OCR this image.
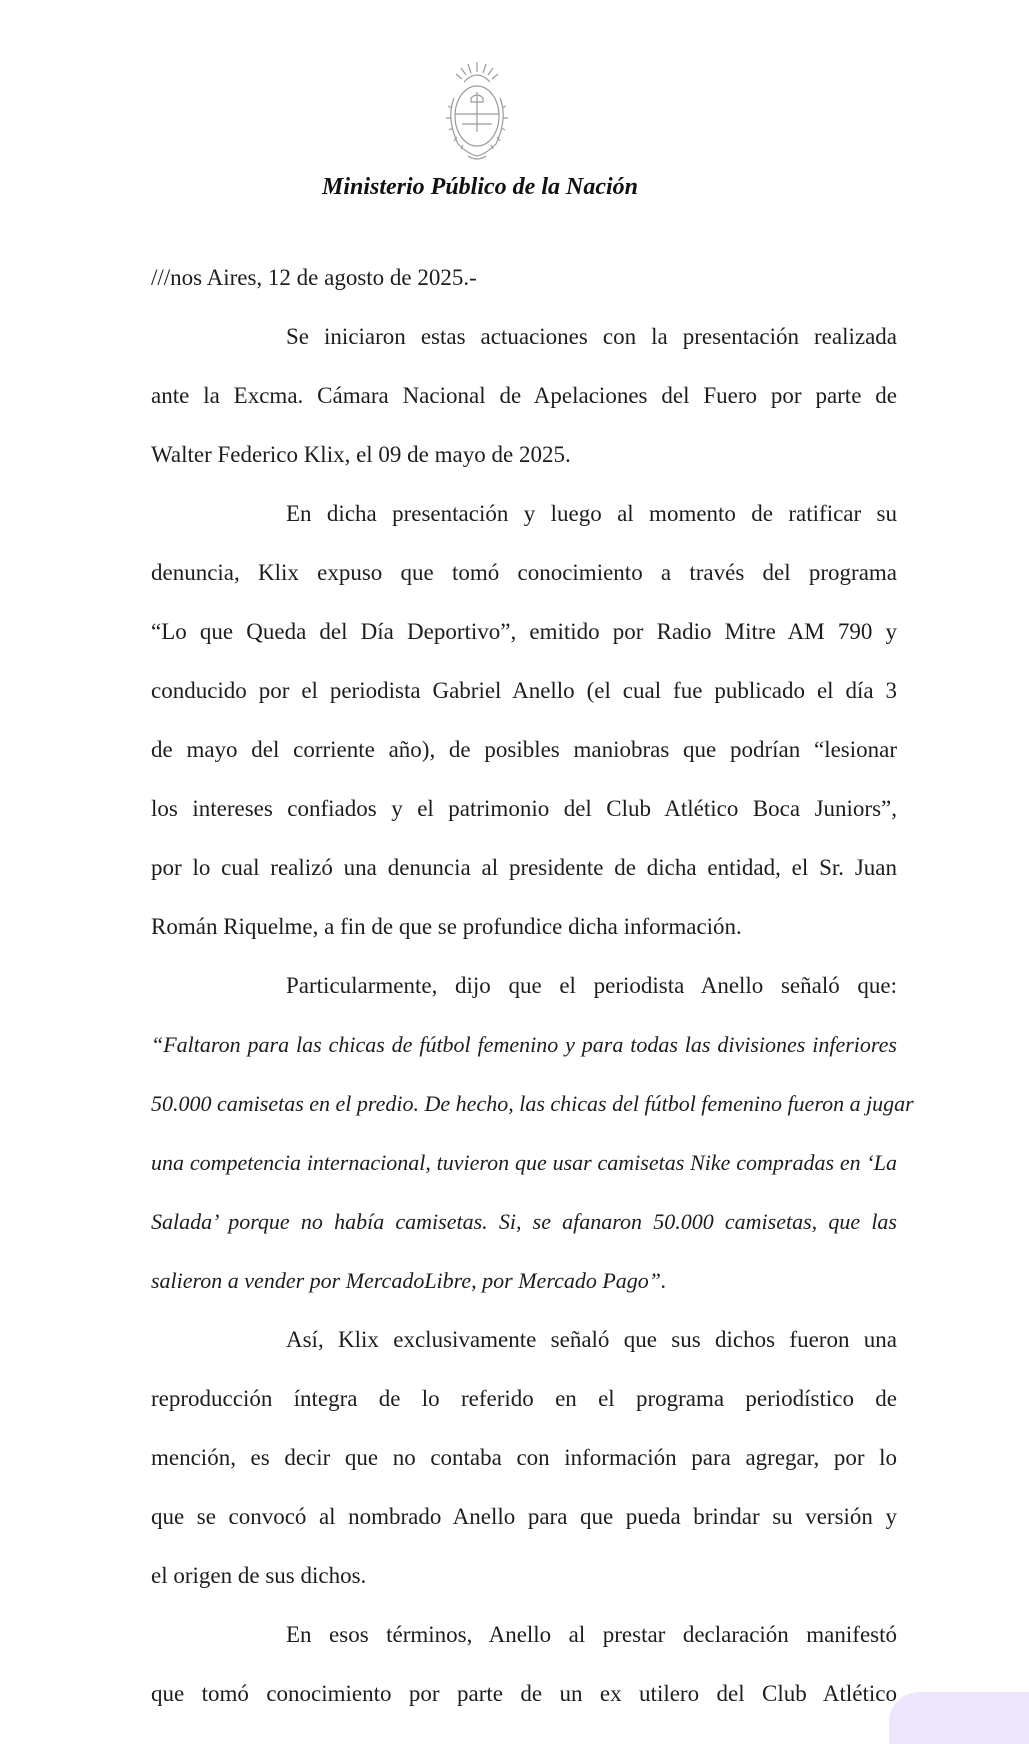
Ministerio Público de la Nación
///nos Aires, 12 de agosto de 2025.-
Se iniciaron estas actuaciones con la presentación realizada
ante la Excma. Cámara Nacional de Apelaciones del Fuero por parte de
Walter Federico Klix, el 09 de mayo de 2025.
En dicha presentación y luego al momento de ratificar su
denuncia, Klix expuso que tomó conocimiento a través del programa
“Lo que Queda del Día Deportivo”, emitido por Radio Mitre AM 790 y
conducido por el periodista Gabriel Anello (el cual fue publicado el día 3
de mayo del corriente año), de posibles maniobras que podrían “lesionar
los intereses confiados y el patrimonio del Club Atlético Boca Juniors”,
por lo cual realizó una denuncia al presidente de dicha entidad, el Sr. Juan
Román Riquelme, a fin de que se profundice dicha información.
Particularmente, dijo que el periodista Anello señaló que:
“Faltaron para las chicas de fútbol femenino y para todas las divisiones inferiores
50.000 camisetas en el predio. De hecho, las chicas del fútbol femenino fueron a jugar
una competencia internacional, tuvieron que usar camisetas Nike compradas en ‘La
Salada’ porque no había camisetas. Si, se afanaron 50.000 camisetas, que las
salieron a vender por MercadoLibre, por Mercado Pago”.
Así, Klix exclusivamente señaló que sus dichos fueron una
reproducción íntegra de lo referido en el programa periodístico de
mención, es decir que no contaba con información para agregar, por lo
que se convocó al nombrado Anello para que pueda brindar su versión y
el origen de sus dichos.
En esos términos, Anello al prestar declaración manifestó
que tomó conocimiento por parte de un ex utilero del Club Atlético
